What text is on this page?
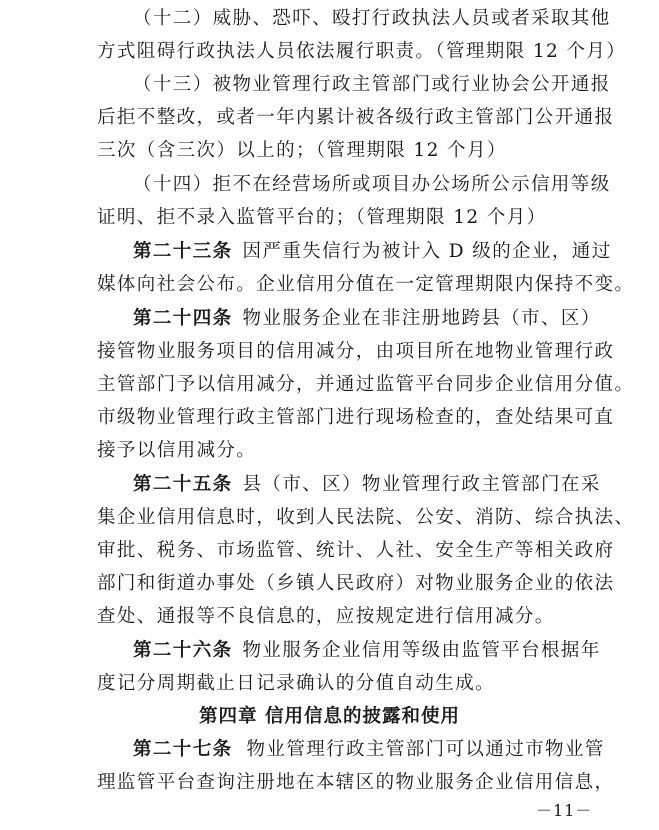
（十二）威胁、恐吓、殴打行政执法人员或者采取其他
方式阻碍行政执法人员依法履行职责。（管理期限 12 个月）
（十三）被物业管理行政主管部门或行业协会公开通报
后拒不整改，或者一年内累计被各级行政主管部门公开通报
三次（含三次）以上的；（管理期限 12 个月）
（十四）拒不在经营场所或项目办公场所公示信用等级
证明、拒不录入监管平台的；（管理期限 12 个月）
第二十三条 因严重失信行为被计入 D 级的企业，通过
媒体向社会公布。企业信用分值在一定管理期限内保持不变。
第二十四条 物业服务企业在非注册地跨县（市、区）
接管物业服务项目的信用减分，由项目所在地物业管理行政
主管部门予以信用减分，并通过监管平台同步企业信用分值。
市级物业管理行政主管部门进行现场检查的，查处结果可直
接予以信用减分。
第二十五条 县（市、区）物业管理行政主管部门在采
集企业信用信息时，收到人民法院、公安、消防、综合执法、
审批、税务、市场监管、统计、人社、安全生产等相关政府
部门和街道办事处（乡镇人民政府）对物业服务企业的依法
查处、通报等不良信息的，应按规定进行信用减分。
第二十六条 物业服务企业信用等级由监管平台根据年
度记分周期截止日记录确认的分值自动生成。
第四章 信用信息的披露和使用
第二十七条 物业管理行政主管部门可以通过市物业管
理监管平台查询注册地在本辖区的物业服务企业信用信息，
－11－
